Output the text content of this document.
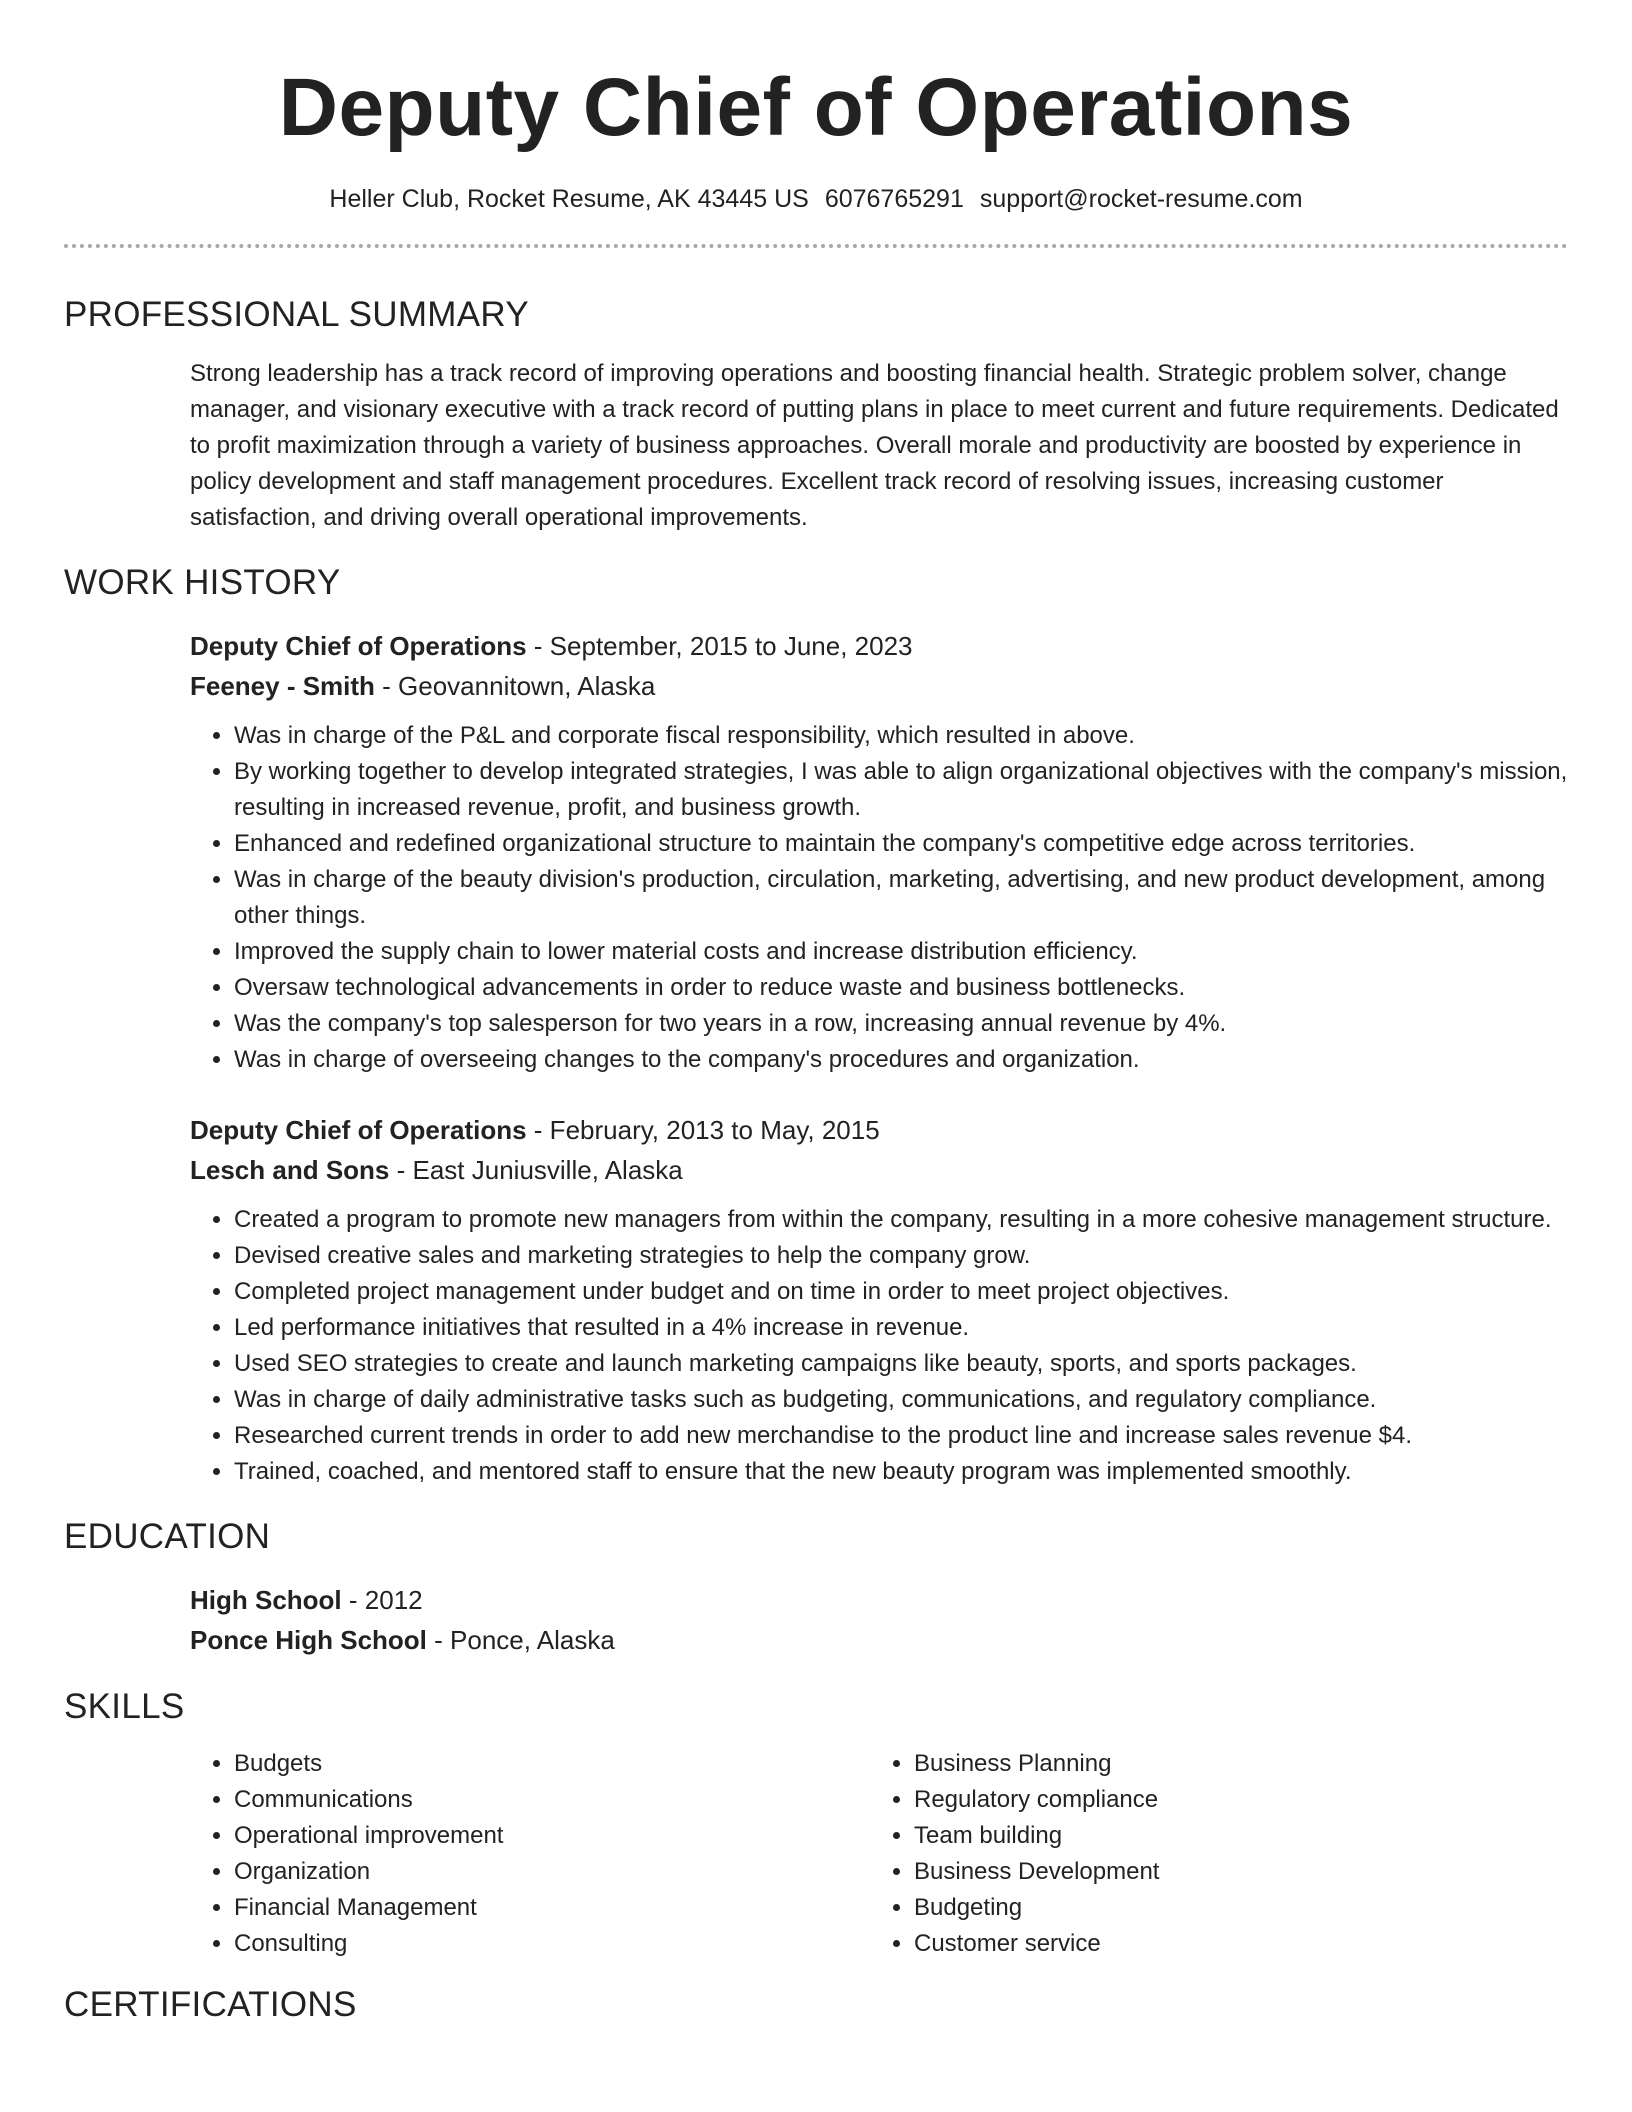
Deputy Chief of Operations
Heller Club, Rocket Resume, AK 43445 US 6076765291 support@rocket-resume.com
PROFESSIONAL SUMMARY
Strong leadership has a track record of improving operations and boosting financial health. Strategic problem solver, change manager, and visionary executive with a track record of putting plans in place to meet current and future requirements. Dedicated to profit maximization through a variety of business approaches. Overall morale and productivity are boosted by experience in policy development and staff management procedures. Excellent track record of resolving issues, increasing customer satisfaction, and driving overall operational improvements.
WORK HISTORY
Deputy Chief of Operations - September, 2015 to June, 2023
Feeney - Smith - Geovannitown, Alaska
• Was in charge of the P&L and corporate fiscal responsibility, which resulted in above.
• By working together to develop integrated strategies, I was able to align organizational objectives with the company's mission, resulting in increased revenue, profit, and business growth.
• Enhanced and redefined organizational structure to maintain the company's competitive edge across territories.
• Was in charge of the beauty division's production, circulation, marketing, advertising, and new product development, among other things.
• Improved the supply chain to lower material costs and increase distribution efficiency.
• Oversaw technological advancements in order to reduce waste and business bottlenecks.
• Was the company's top salesperson for two years in a row, increasing annual revenue by 4%.
• Was in charge of overseeing changes to the company's procedures and organization.
Deputy Chief of Operations - February, 2013 to May, 2015
Lesch and Sons - East Juniusville, Alaska
• Created a program to promote new managers from within the company, resulting in a more cohesive management structure.
• Devised creative sales and marketing strategies to help the company grow.
• Completed project management under budget and on time in order to meet project objectives.
• Led performance initiatives that resulted in a 4% increase in revenue.
• Used SEO strategies to create and launch marketing campaigns like beauty, sports, and sports packages.
• Was in charge of daily administrative tasks such as budgeting, communications, and regulatory compliance.
• Researched current trends in order to add new merchandise to the product line and increase sales revenue $4.
• Trained, coached, and mentored staff to ensure that the new beauty program was implemented smoothly.
EDUCATION
High School - 2012
Ponce High School - Ponce, Alaska
SKILLS
• Budgets
• Communications
• Operational improvement
• Organization
• Financial Management
• Consulting
• Business Planning
• Regulatory compliance
• Team building
• Business Development
• Budgeting
• Customer service
CERTIFICATIONS
